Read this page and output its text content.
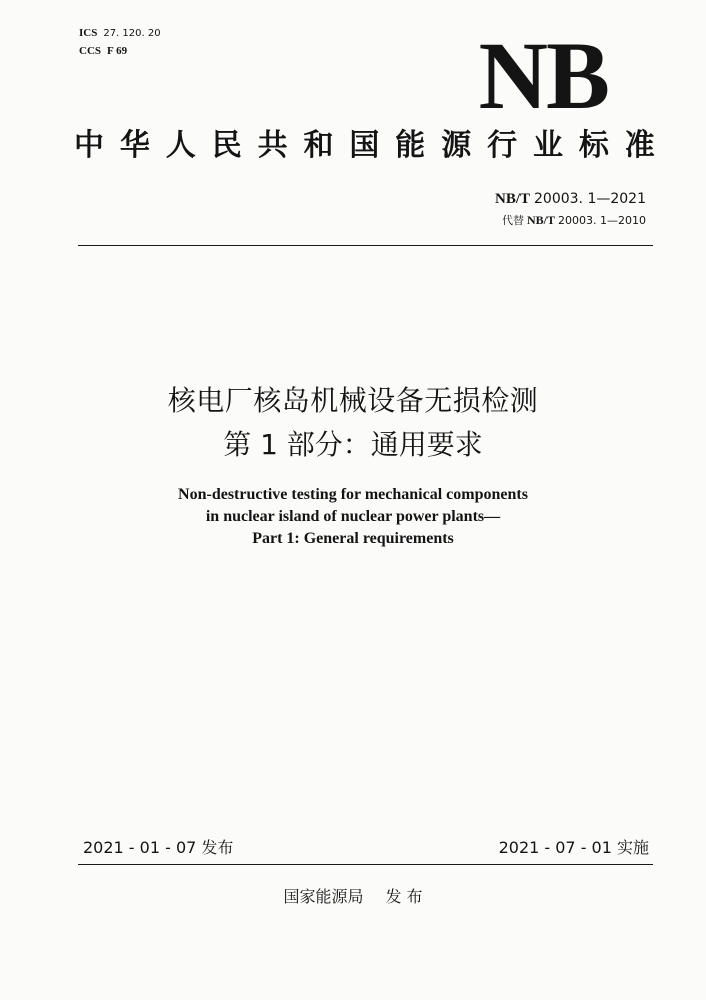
ICS 27. 120. 20
CCS F 69	NB
中华人民共和国能源行业标准
NB/T 20003. 1—2021
代替 NB/T 20003. 1—2010
核电厂核岛机械设备无损检测
第 1 部分：通用要求
Non-destructive testing for mechanical components
in nuclear island of nuclear power plants—
Part 1: General requirements
2021 - 01 - 07 发布	2021 - 07 - 01 实施
国家能源局 发 布
